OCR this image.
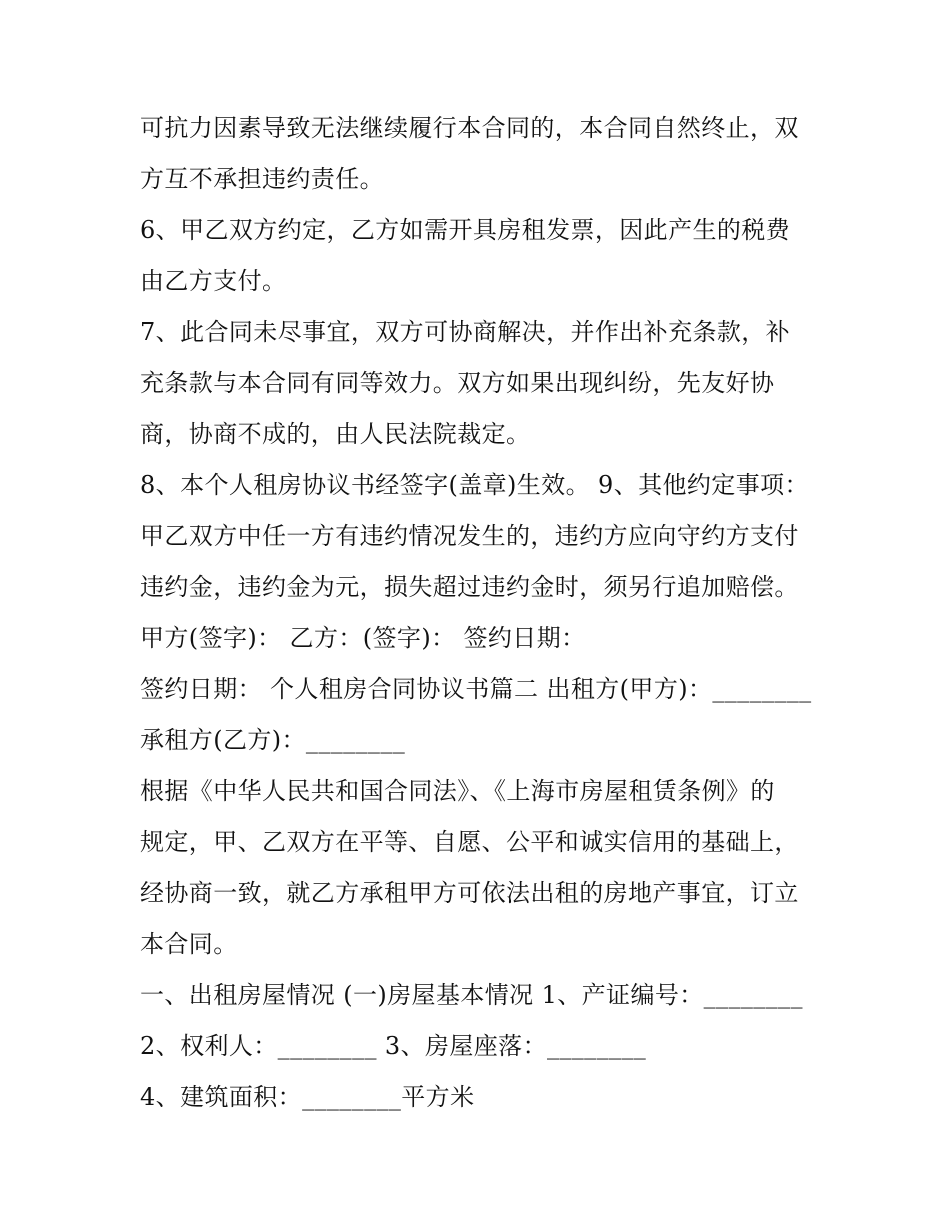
可抗力因素导致无法继续履行本合同的，本合同自然终止，双
方互不承担违约责任。
6、甲乙双方约定，乙方如需开具房租发票，因此产生的税费
由乙方支付。
7、此合同未尽事宜，双方可协商解决，并作出补充条款，补
充条款与本合同有同等效力。双方如果出现纠纷，先友好协
商，协商不成的，由人民法院裁定。
8、本个人租房协议书经签字(盖章)生效。 9、其他约定事项：
甲乙双方中任一方有违约情况发生的，违约方应向守约方支付
违约金，违约金为元，损失超过违约金时，须另行追加赔偿。
甲方(签字)： 乙方：(签字)： 签约日期：
签约日期： 个人租房合同协议书篇二 出租方(甲方)：________
承租方(乙方)：________
根据《中华人民共和国合同法》、《上海市房屋租赁条例》的
规定，甲、乙双方在平等、自愿、公平和诚实信用的基础上，
经协商一致，就乙方承租甲方可依法出租的房地产事宜，订立
本合同。
一、出租房屋情况 (一)房屋基本情况 1、产证编号：________
2、权利人：________ 3、房屋座落：________
4、建筑面积：________平方米
